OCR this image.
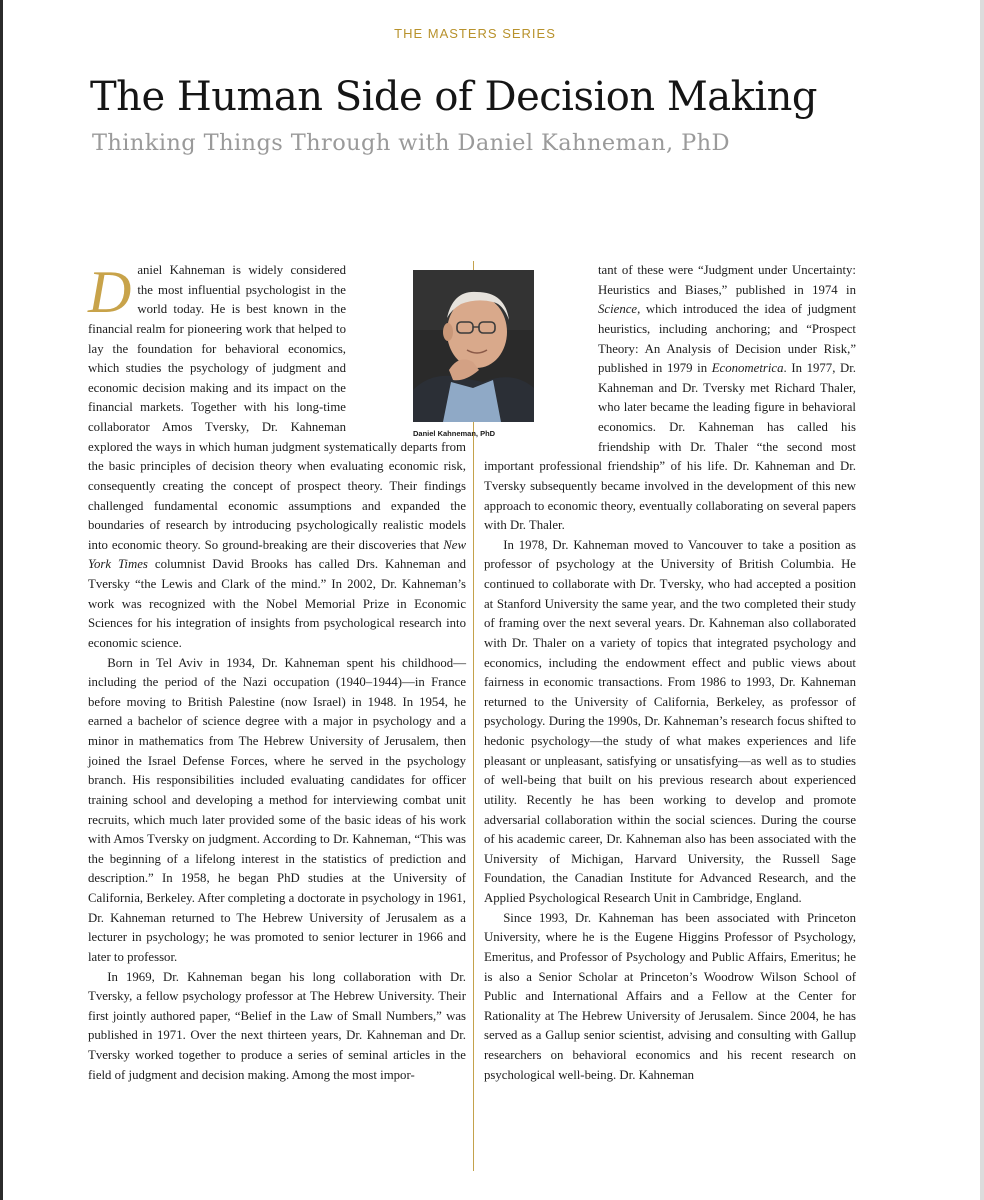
THE MASTERS SERIES
The Human Side of Decision Making
Thinking Things Through with Daniel Kahneman, PhD
Daniel Kahneman, PhD

Daniel Kahneman is widely considered the most influential psychologist in the world today. He is best known in the financial realm for pioneering work that helped to lay the foundation for behavioral economics, which studies the psychology of judgment and economic decision making and its impact on the financial markets. Together with his long-time collaborator Amos Tversky, Dr. Kahneman explored the ways in which human judgment systematically departs from the basic principles of decision theory when evaluating economic risk, consequently creating the concept of prospect theory. Their findings challenged fundamental economic assumptions and expanded the boundaries of research by introducing psychologically realistic models into economic theory. So ground-breaking are their discoveries that New York Times columnist David Brooks has called Drs. Kahneman and Tversky “the Lewis and Clark of the mind.” In 2002, Dr. Kahneman’s work was recognized with the Nobel Memorial Prize in Economic Sciences for his integration of insights from psychological research into economic science.

Born in Tel Aviv in 1934, Dr. Kahneman spent his childhood—including the period of the Nazi occupation (1940–1944)—in France before moving to British Palestine (now Israel) in 1948. In 1954, he earned a bachelor of science degree with a major in psychology and a minor in mathematics from The Hebrew University of Jerusalem, then joined the Israel Defense Forces, where he served in the psychology branch. His responsibilities included evaluating candidates for officer training school and developing a method for interviewing combat unit recruits, which much later provided some of the basic ideas of his work with Amos Tversky on judgment. According to Dr. Kahneman, “This was the beginning of a lifelong interest in the statistics of prediction and description.” In 1958, he began PhD studies at the University of California, Berkeley. After completing a doctorate in psychology in 1961, Dr. Kahneman returned to The Hebrew University of Jerusalem as a lecturer in psychology; he was promoted to senior lecturer in 1966 and later to professor.

In 1969, Dr. Kahneman began his long collaboration with Dr. Tversky, a fellow psychology professor at The Hebrew University. Their first jointly authored paper, “Belief in the Law of Small Numbers,” was published in 1971. Over the next thirteen years, Dr. Kahneman and Dr. Tversky worked together to produce a series of seminal articles in the field of judgment and decision making. Among the most impor-

tant of these were “Judgment under Uncertainty: Heuristics and Biases,” published in 1974 in Science, which introduced the idea of judgment heuristics, including anchoring; and “Prospect Theory: An Analysis of Decision under Risk,” published in 1979 in Econometrica. In 1977, Dr. Kahneman and Dr. Tversky met Richard Thaler, who later became the leading figure in behavioral economics. Dr. Kahneman has called his friendship with Dr. Thaler “the second most important professional friendship” of his life. Dr. Kahneman and Dr. Tversky subsequently became involved in the development of this new approach to economic theory, eventually collaborating on several papers with Dr. Thaler.

In 1978, Dr. Kahneman moved to Vancouver to take a position as professor of psychology at the University of British Columbia. He continued to collaborate with Dr. Tversky, who had accepted a position at Stanford University the same year, and the two completed their study of framing over the next several years. Dr. Kahneman also collaborated with Dr. Thaler on a variety of topics that integrated psychology and economics, including the endowment effect and public views about fairness in economic transactions. From 1986 to 1993, Dr. Kahneman returned to the University of California, Berkeley, as professor of psychology. During the 1990s, Dr. Kahneman’s research focus shifted to hedonic psychology—the study of what makes experiences and life pleasant or unpleasant, satisfying or unsatisfying—as well as to studies of well-being that built on his previous research about experienced utility. Recently he has been working to develop and promote adversarial collaboration within the social sciences. During the course of his academic career, Dr. Kahneman also has been associated with the University of Michigan, Harvard University, the Russell Sage Foundation, the Canadian Institute for Advanced Research, and the Applied Psychological Research Unit in Cambridge, England.

Since 1993, Dr. Kahneman has been associated with Princeton University, where he is the Eugene Higgins Professor of Psychology, Emeritus, and Professor of Psychology and Public Affairs, Emeritus; he is also a Senior Scholar at Princeton’s Woodrow Wilson School of Public and International Affairs and a Fellow at the Center for Rationality at The Hebrew University of Jerusalem. Since 2004, he has served as a Gallup senior scientist, advising and consulting with Gallup researchers on behavioral economics and his recent research on psychological well-being. Dr. Kahneman
